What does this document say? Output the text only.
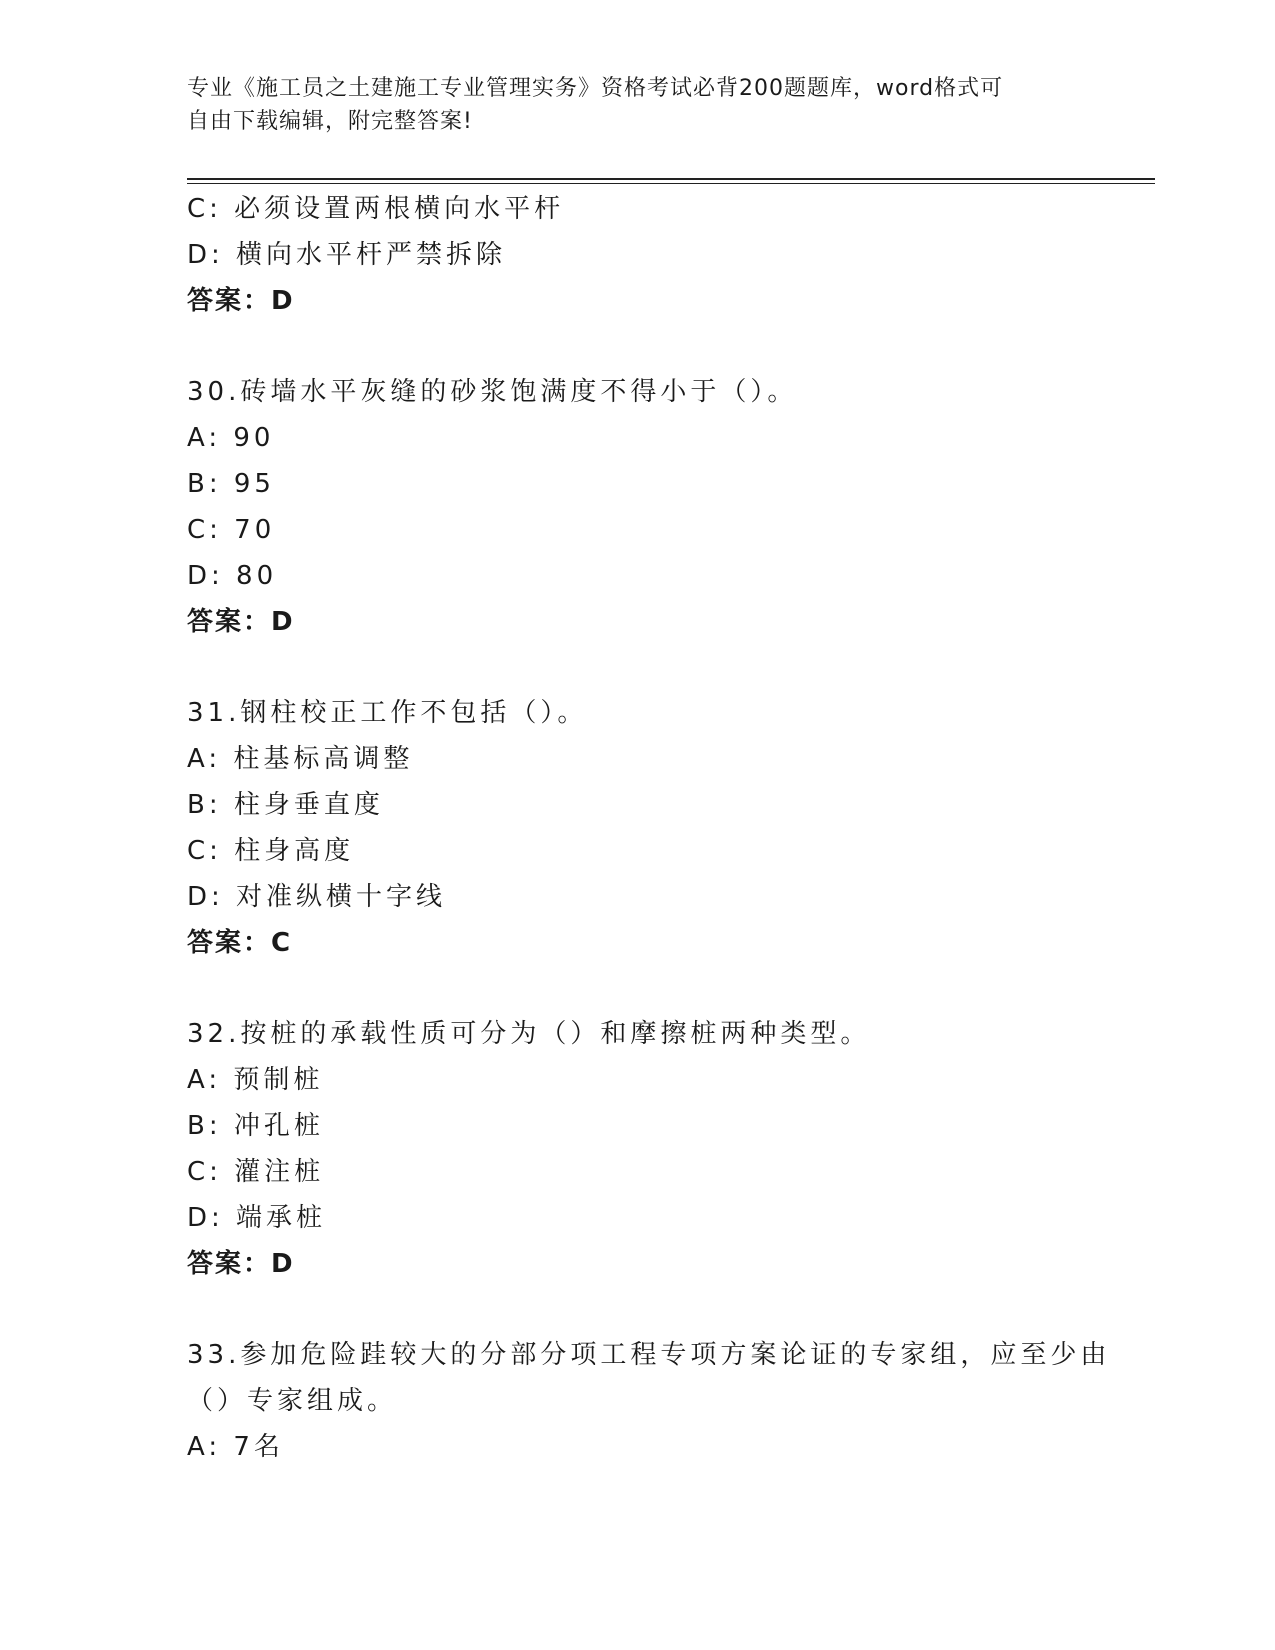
专业《施工员之土建施工专业管理实务》资格考试必背200题题库，word格式可
自由下载编辑，附完整答案!
C: 必须设置两根横向水平杆
D: 横向水平杆严禁拆除
答案：D
30.砖墙水平灰缝的砂浆饱满度不得小于（）。
A: 90
B: 95
C: 70
D: 80
答案：D
31.钢柱校正工作不包括（）。
A: 柱基标高调整
B: 柱身垂直度
C: 柱身高度
D: 对准纵横十字线
答案：C
32.按桩的承载性质可分为（）和摩擦桩两种类型。
A: 预制桩
B: 冲孔桩
C: 灌注桩
D: 端承桩
答案：D
33.参加危险跬较大的分部分项工程专项方案论证的专家组，应至少由
（）专家组成。
A: 7名
